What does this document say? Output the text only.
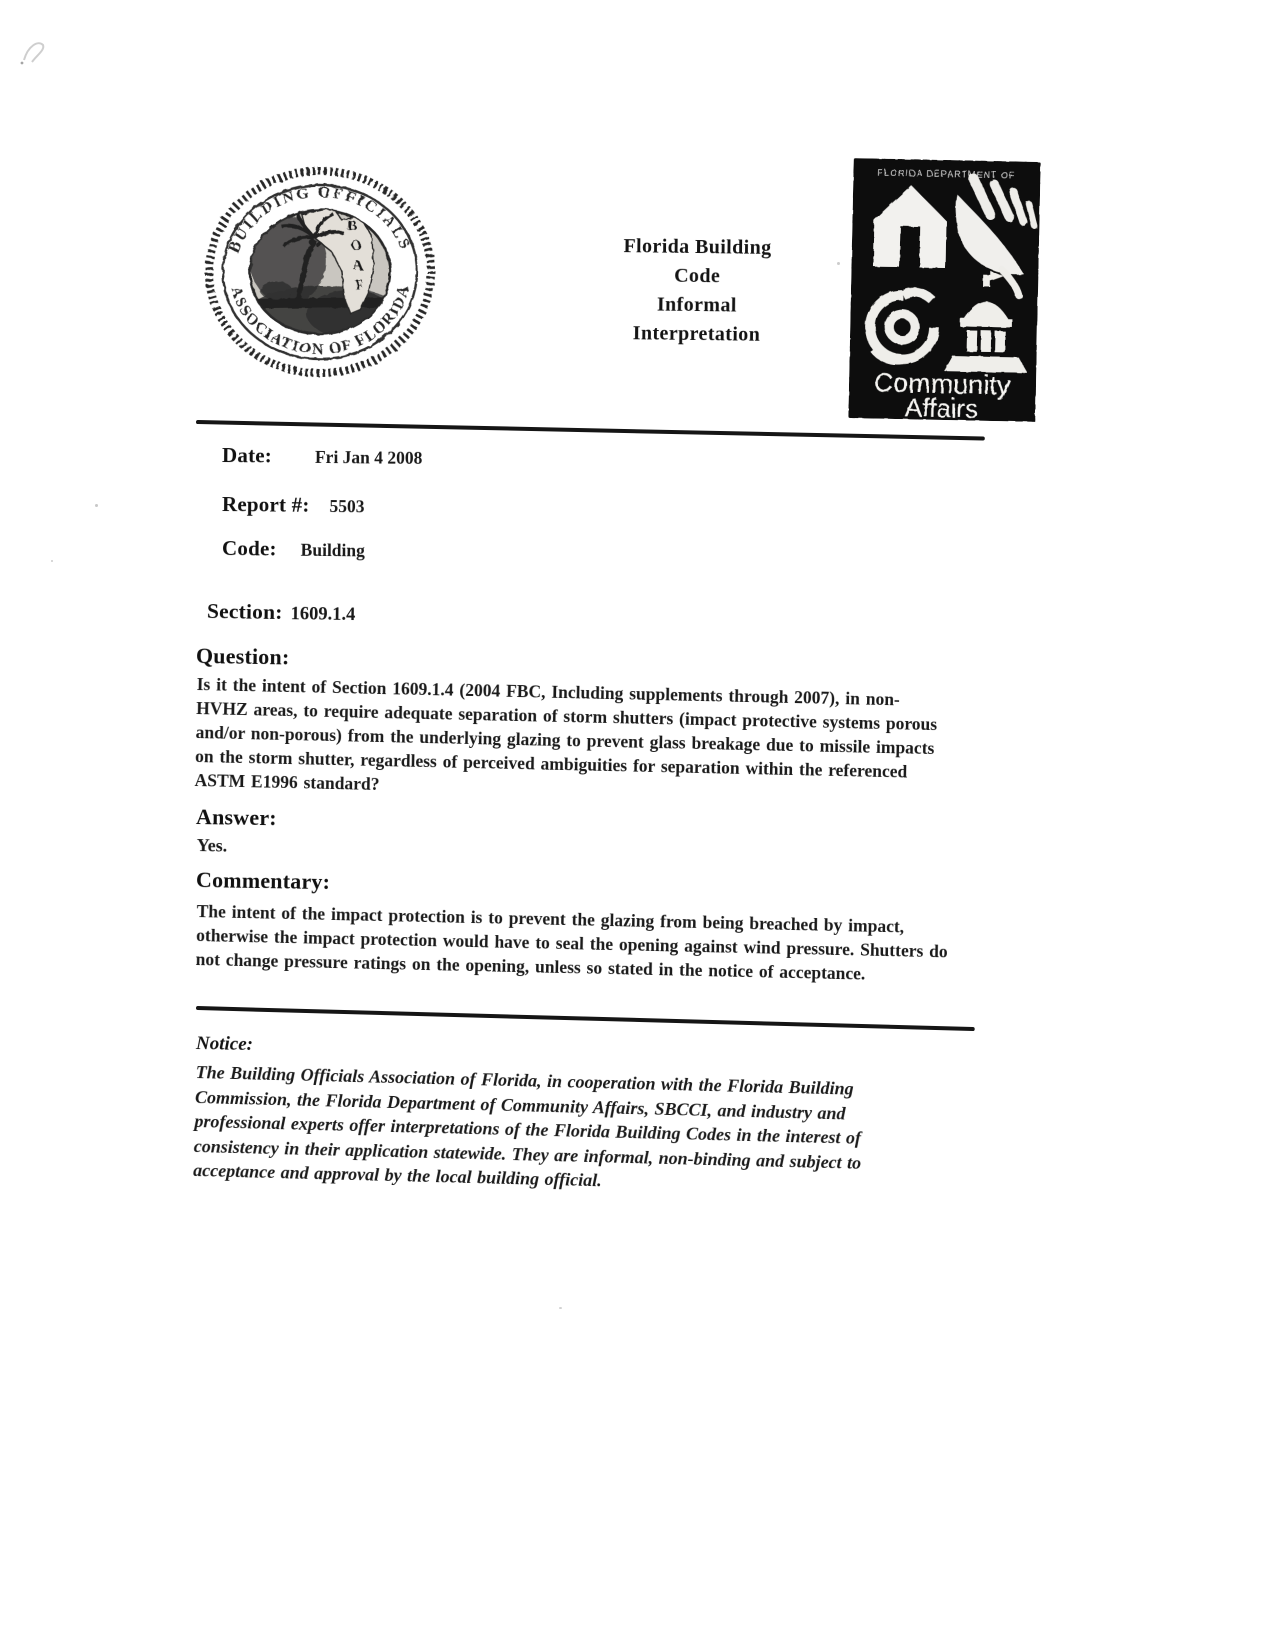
B
O
A
F
BUILDING OFFICIALS
ASSOCIATION OF FLORIDA
Florida Building
Code
Informal
Interpretation
FLORIDA DEPARTMENT OF
Community
Affairs
Date: Fri Jan 4 2008
Report #: 5503
Code: Building
Section: 1609.1.4
Question:
Is it the intent of Section 1609.1.4 (2004 FBC, Including supplements through 2007), in non-HVHZ areas, to require adequate separation of storm shutters (impact protective systems porous and/or non-porous) from the underlying glazing to prevent glass breakage due to missile impacts on the storm shutter, regardless of perceived ambiguities for separation within the referenced ASTM E1996 standard?
Answer:
Yes.
Commentary:
The intent of the impact protection is to prevent the glazing from being breached by impact, otherwise the impact protection would have to seal the opening against wind pressure. Shutters do not change pressure ratings on the opening, unless so stated in the notice of acceptance.
Notice:
The Building Officials Association of Florida, in cooperation with the Florida Building Commission, the Florida Department of Community Affairs, SBCCI, and industry and professional experts offer interpretations of the Florida Building Codes in the interest of consistency in their application statewide. They are informal, non-binding and subject to acceptance and approval by the local building official.
